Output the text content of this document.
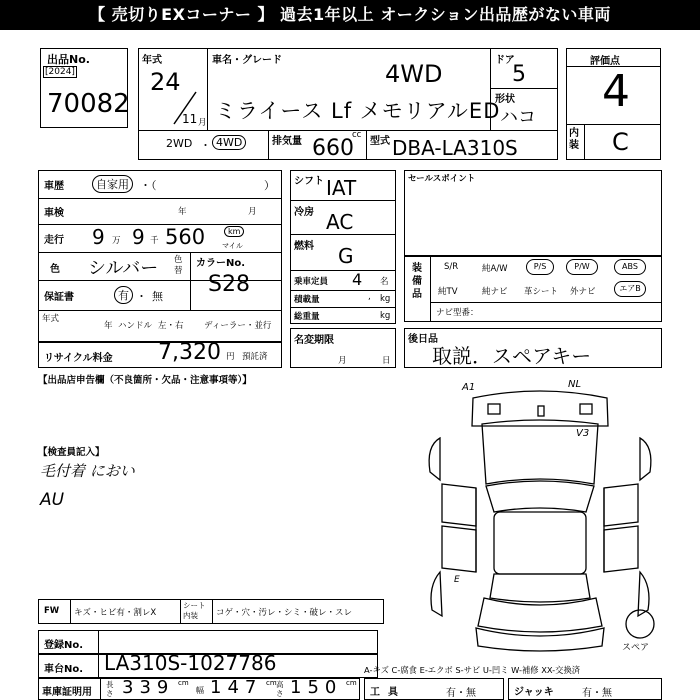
【 売切りEXコーナー 】 過去1年以上 オークション出品歴がない車両
出品No.
[2024]
70082
年式
24
11 月
車名・グレード	4WD
ミライース Lf メモリアルED
ドア
5
形状
ハコ
2WD ・ 4WD	排気量
cc
660 型式 DBA-LA310S
評価点
4
内装 C
車歴	自家用	・（	）
車検	年	月
走行 9 万 9 千 560	km
マイル
色 シルバー 色替
カラーNo.
S28
保証書	有 ・ 無
年式
年 ハンドル 左・右 ディーラー・並行
リサイクル料金 7,320 円 預託済
【出品店申告欄（不良箇所・欠品・注意事項等）】
シフト IAT
冷房 AC
燃料 G
乗車定員 4 名
積載量	, kg
総重量	kg
名変期限
月	日
セールスポイント
装備品
S/R	純A/W	P/S	P/W	ABS
純TV	純ナビ 革シート 外ナビ	エアB
ナビ型番：
後日品
取説．スペアキー
【検査員記入】
毛付着 におい
AU
A1	NL
V3
E
スペア
FW キズ・ヒビ有・割レX
シート内装	コゲ・穴・汚レ・シミ・破レ・スレ
登録No.
車台No. LA310S-1027786	A-キズ C-腐食 E-エクボ S-サビ U-凹ミ W-補修 XX-交換済
車庫証明用
長さ 339 cm
幅 147 cm 高さ 150 cm
工具	有・無	ジャッキ	有・無
